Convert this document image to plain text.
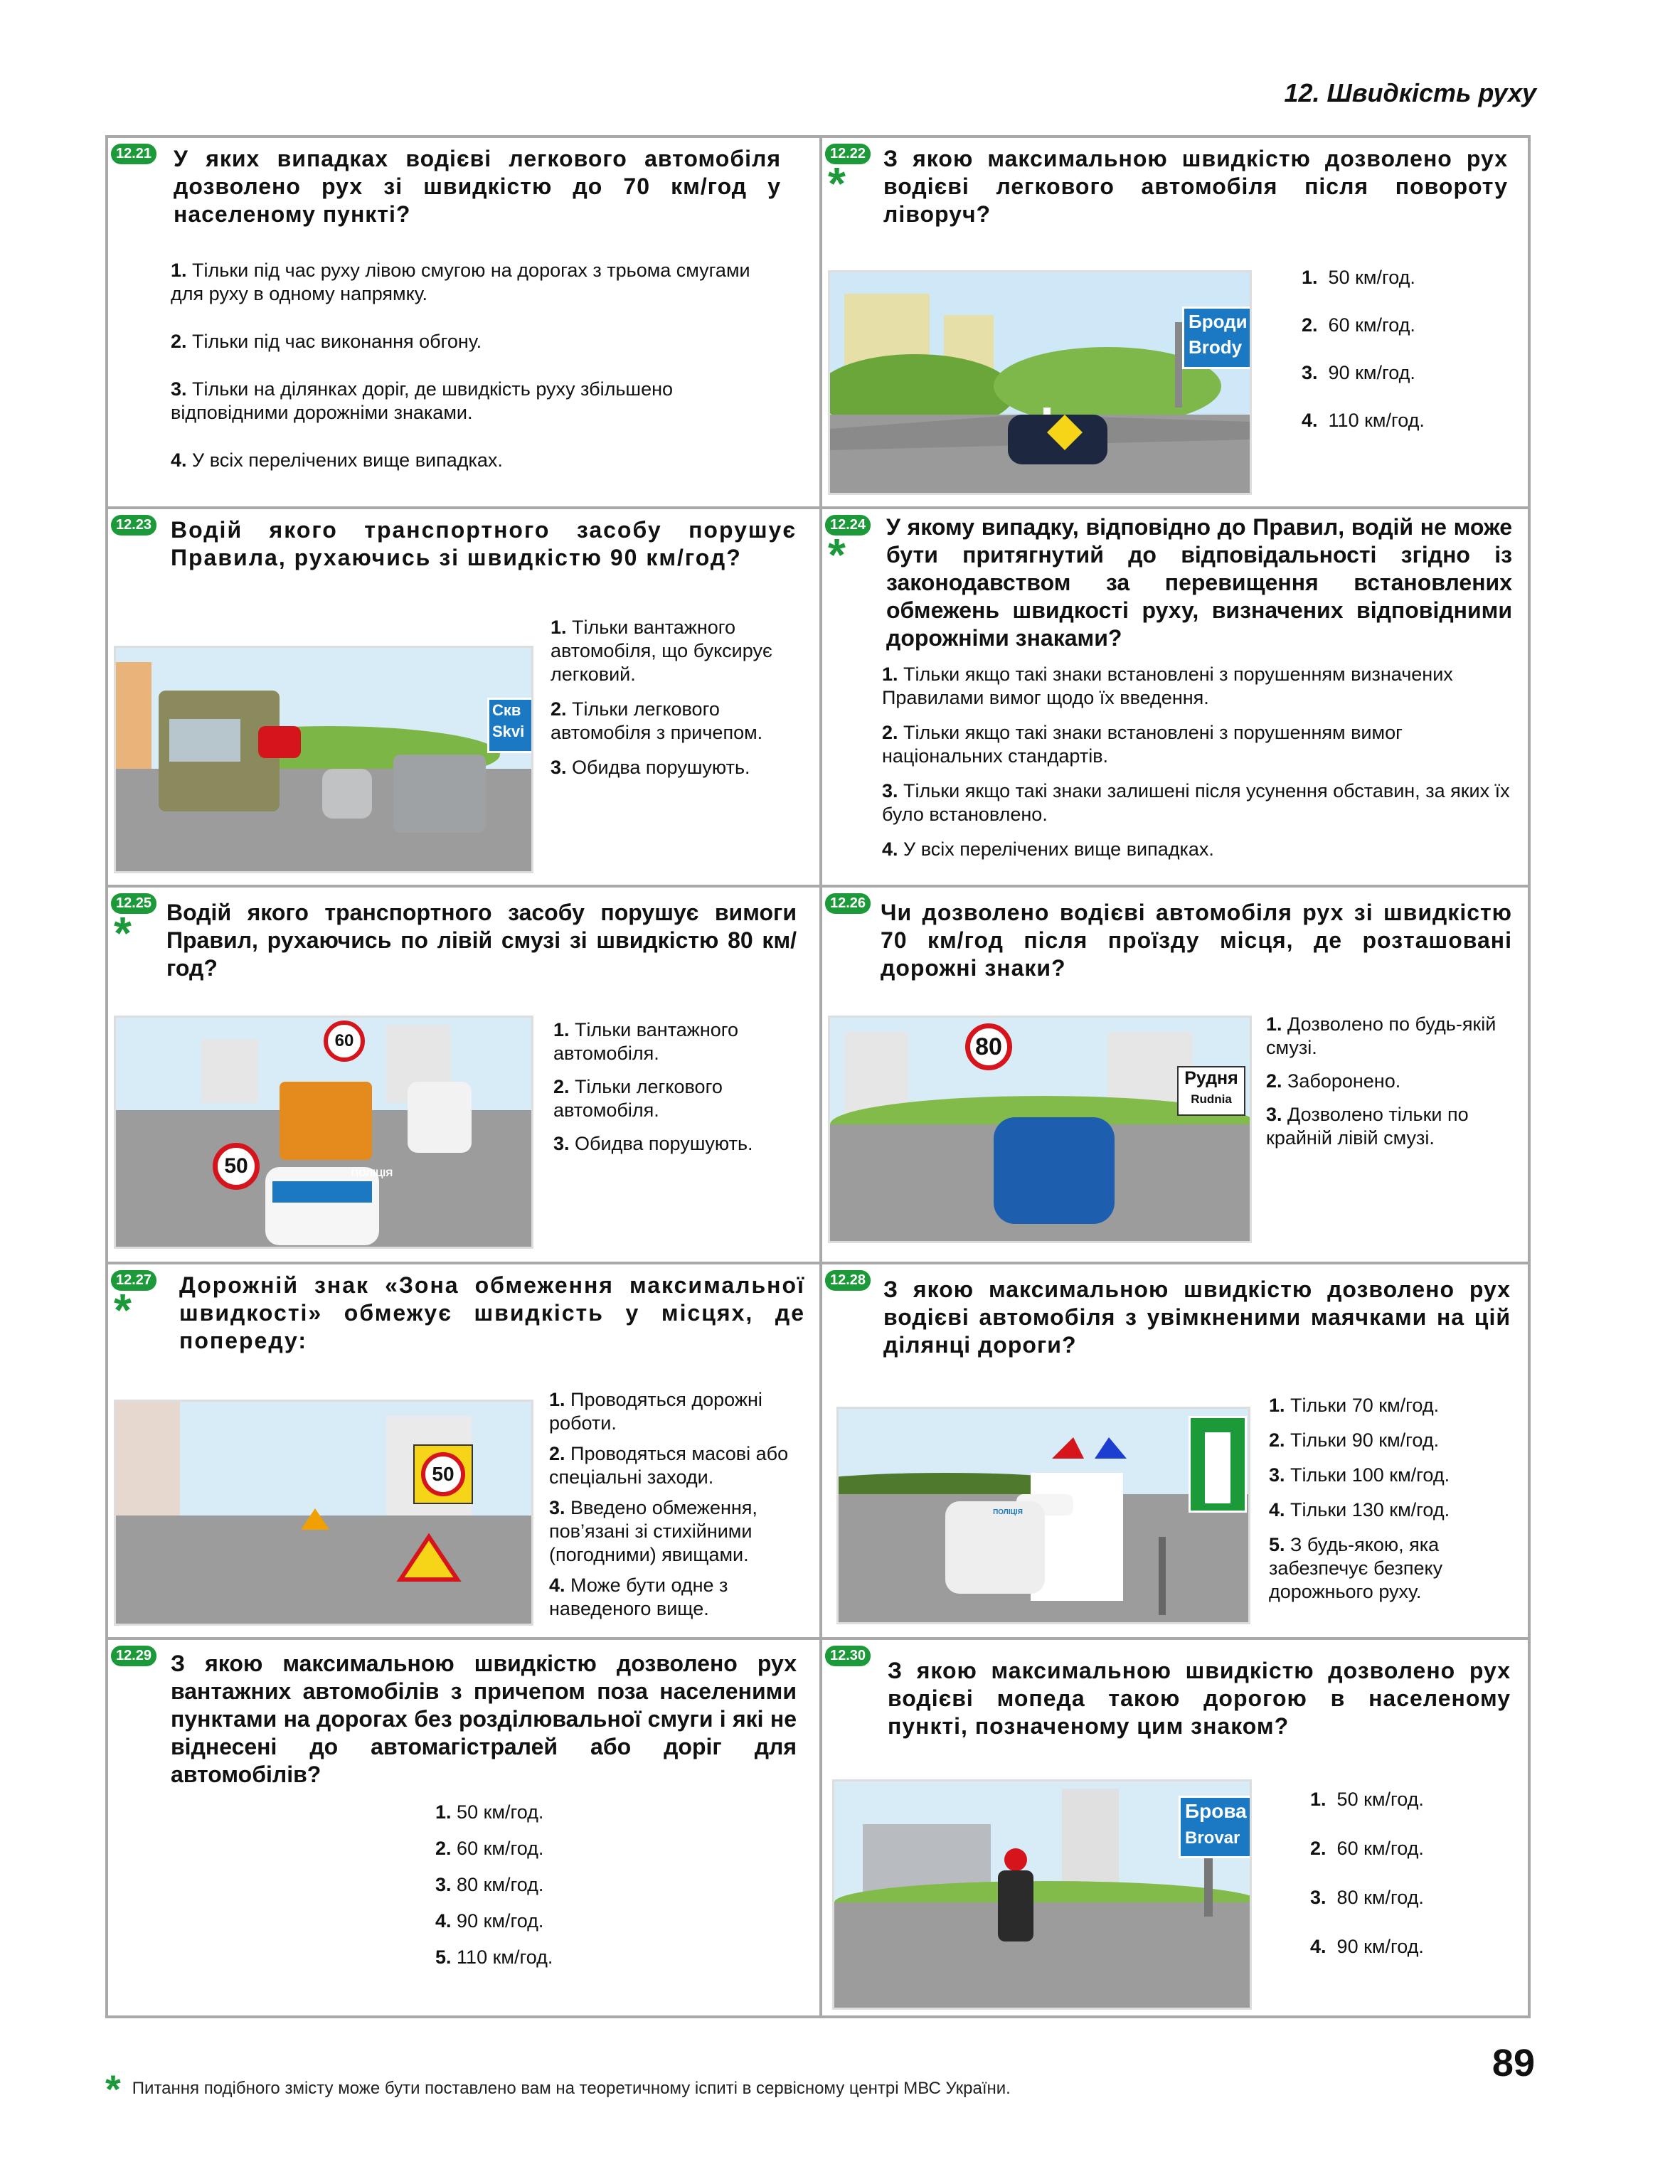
12. Швидкість руху
12.21 У яких випадках водієві легкового автомобіля дозволено рух зі швидкістю до 70 км/год у населеному пункті?
1. Тільки під час руху лівою смугою на дорогах з трьома смугами для руху в одному напрямку.
2. Тільки під час виконання обгону.
3. Тільки на ділянках доріг, де швидкість руху збільшено відповідними дорожніми знаками.
4. У всіх перелічених вище випадках.
12.22
* З якою максимальною швидкістю дозволено рух водієві легкового автомобіля після повороту ліворуч?
Броди
Brody
1. 50 км/год.
2. 60 км/год.
3. 90 км/год.
4. 110 км/год.
12.23 Водій якого транспортного засобу порушує Правила, рухаючись зі швидкістю 90 км/год?
Скв
Skvi
1. Тільки вантажного автомобіля, що буксирує легковий.
2. Тільки легкового автомобіля з причепом.
3. Обидва порушують.
12.24
*
У якому випадку, відповідно до Правил, водій не може бути притягнутий до відповідальності згідно із законодавством за перевищення встановлених обмежень швидкості руху, визначених відповідними дорожніми знаками?
1. Тільки якщо такі знаки встановлені з порушенням визначених Правилами вимог щодо їх введення.
2. Тільки якщо такі знаки встановлені з порушенням вимог національних стандартів.
3. Тільки якщо такі знаки залишені після усунення обставин, за яких їх було встановлено.
4. У всіх перелічених вище випадках.
12.25
* Водій якого транспортного засобу порушує вимоги Правил, рухаючись по лівій смузі зі швидкістю 80 км/год?
ПОЛІЦІЯ
60
50
1. Тільки вантажного автомобіля.
2. Тільки легкового автомобіля.
3. Обидва порушують.
12.26 Чи дозволено водієві автомобіля рух зі швидкістю 70 км/год після проїзду місця, де розташовані дорожні знаки?
80
Рудня
Rudnia
1. Дозволено по будь-якій смузі.
2. Заборонено.
3. Дозволено тільки по крайній лівій смузі.
12.27
* Дорожній знак «Зона обмеження максимальної швидкості» обмежує швидкість у місцях, де попереду:
50
1. Проводяться дорожні роботи.
2. Проводяться масові або спеціальні заходи.
3. Введено обмеження, пов’язані зі стихійними (погодними) явищами.
4. Може бути одне з наведеного вище.
12.28 З якою максимальною швидкістю дозволено рух водієві автомобіля з увімкненими маячками на цій ділянці дороги?
ПОЛІЦІЯ
1. Тільки 70 км/год.
2. Тільки 90 км/год.
3. Тільки 100 км/год.
4. Тільки 130 км/год.
5. З будь-якою, яка забезпечує безпеку дорожнього руху.
12.29 З якою максимальною швидкістю дозволено рух вантажних автомобілів з причепом поза населеними пунктами на дорогах без розділювальної смуги і які не віднесені до автомагістралей або доріг для автомобілів?
1. 50 км/год.
2. 60 км/год.
3. 80 км/год.
4. 90 км/год.
5. 110 км/год.
12.30
З якою максимальною швидкістю дозволено рух водієві мопеда такою дорогою в населеному пункті, позначеному цим знаком?
Брова
Brovar
1. 50 км/год.
2. 60 км/год.
3. 80 км/год.
4. 90 км/год.
* Питання подібного змісту може бути поставлено вам на теоретичному іспиті в сервісному центрі МВС України.
89
